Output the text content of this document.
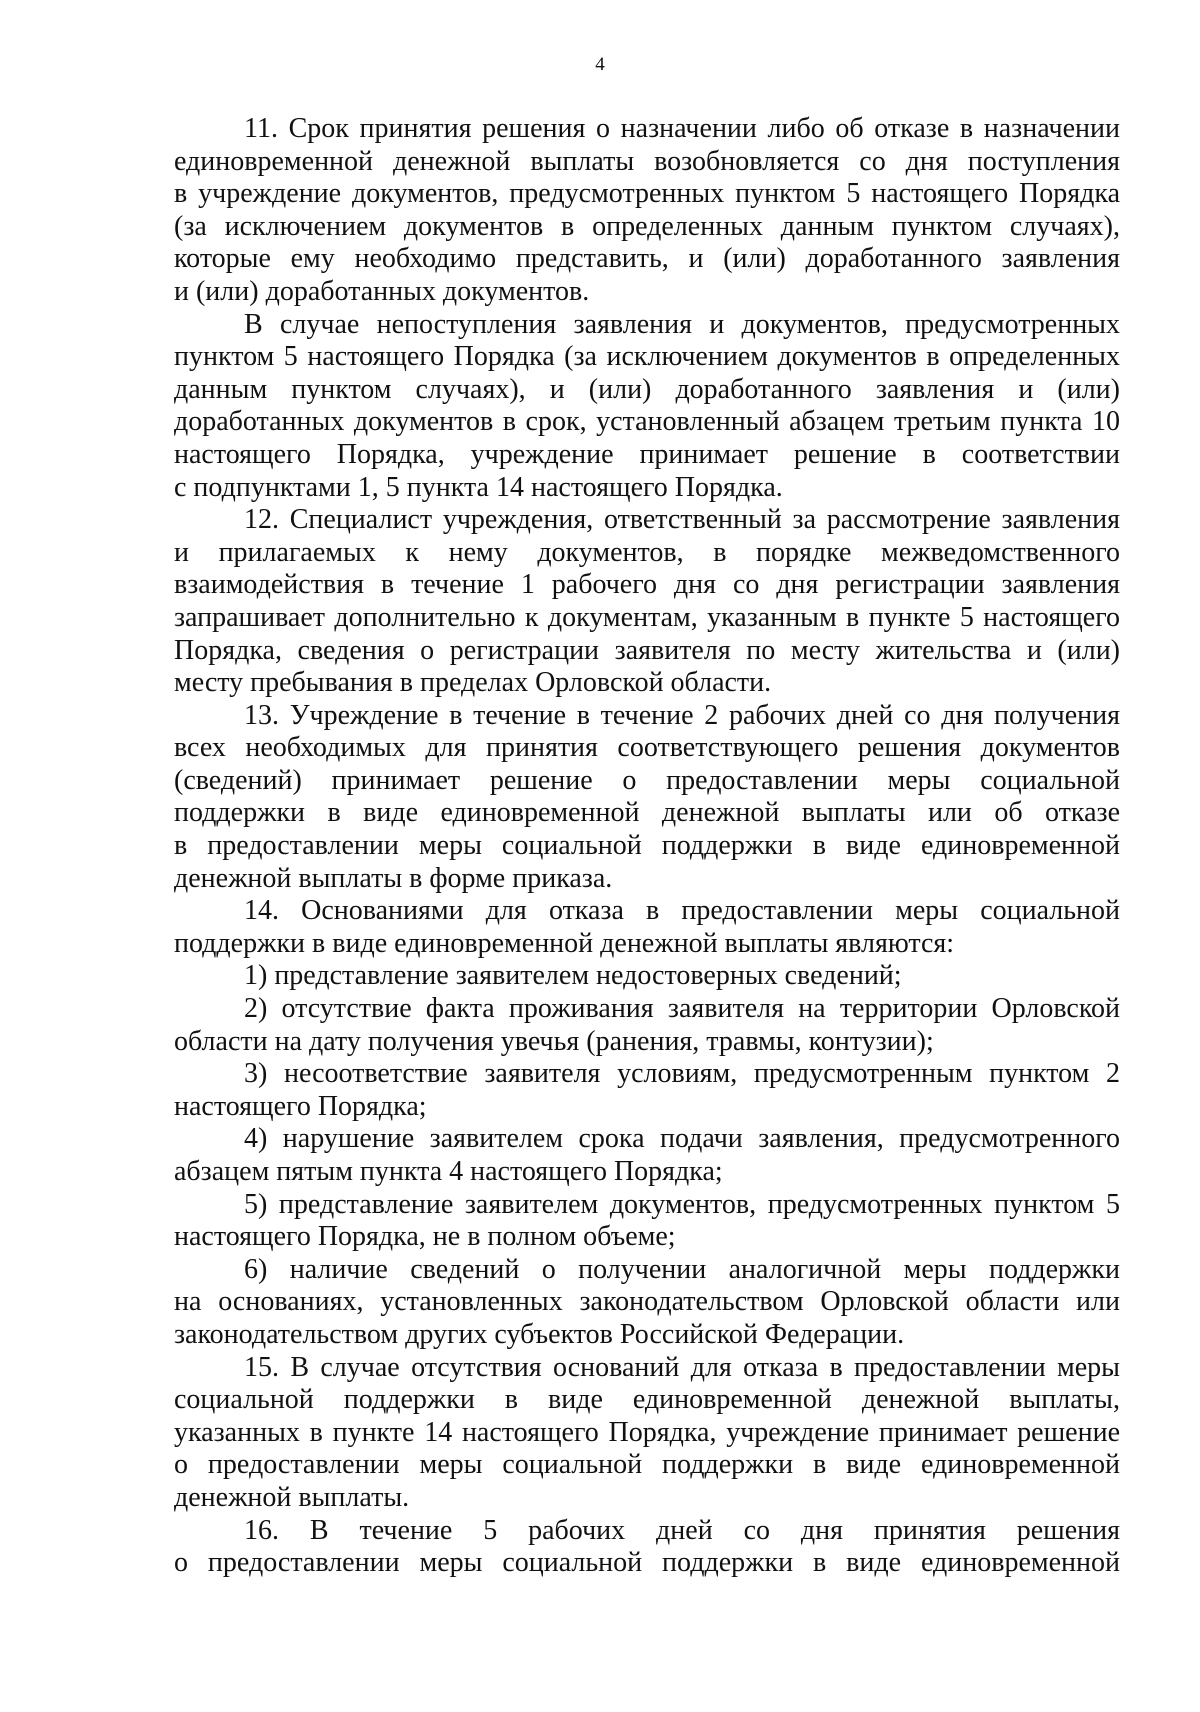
4
11. Срок принятия решения о назначении либо об отказе в назначении
единовременной денежной выплаты возобновляется со дня поступления
в учреждение документов, предусмотренных пунктом 5 настоящего Порядка
(за исключением документов в определенных данным пунктом случаях),
которые ему необходимо представить, и (или) доработанного заявления
и (или) доработанных документов.
В случае непоступления заявления и документов, предусмотренных
пунктом 5 настоящего Порядка (за исключением документов в определенных
данным пунктом случаях), и (или) доработанного заявления и (или)
доработанных документов в срок, установленный абзацем третьим пункта 10
настоящего Порядка, учреждение принимает решение в соответствии
с подпунктами 1, 5 пункта 14 настоящего Порядка.
12. Специалист учреждения, ответственный за рассмотрение заявления
и прилагаемых к нему документов, в порядке межведомственного
взаимодействия в течение 1 рабочего дня со дня регистрации заявления
запрашивает дополнительно к документам, указанным в пункте 5 настоящего
Порядка, сведения о регистрации заявителя по месту жительства и (или)
месту пребывания в пределах Орловской области.
13. Учреждение в течение в течение 2 рабочих дней со дня получения
всех необходимых для принятия соответствующего решения документов
(сведений) принимает решение о предоставлении меры социальной
поддержки в виде единовременной денежной выплаты или об отказе
в предоставлении меры социальной поддержки в виде единовременной
денежной выплаты в форме приказа.
14. Основаниями для отказа в предоставлении меры социальной
поддержки в виде единовременной денежной выплаты являются:
1) представление заявителем недостоверных сведений;
2) отсутствие факта проживания заявителя на территории Орловской
области на дату получения увечья (ранения, травмы, контузии);
3) несоответствие заявителя условиям, предусмотренным пунктом 2
настоящего Порядка;
4) нарушение заявителем срока подачи заявления, предусмотренного
абзацем пятым пункта 4 настоящего Порядка;
5) представление заявителем документов, предусмотренных пунктом 5
настоящего Порядка, не в полном объеме;
6) наличие сведений о получении аналогичной меры поддержки
на основаниях, установленных законодательством Орловской области или
законодательством других субъектов Российской Федерации.
15. В случае отсутствия оснований для отказа в предоставлении меры
социальной поддержки в виде единовременной денежной выплаты,
указанных в пункте 14 настоящего Порядка, учреждение принимает решение
о предоставлении меры социальной поддержки в виде единовременной
денежной выплаты.
16. В течение 5 рабочих дней со дня принятия решения
о предоставлении меры социальной поддержки в виде единовременной
